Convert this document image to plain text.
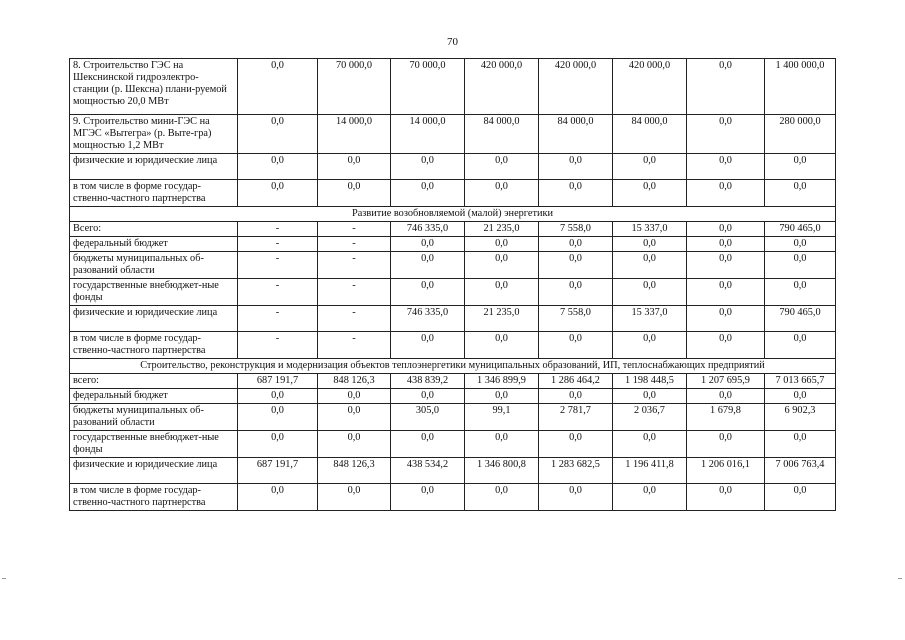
70
8. Строительство ГЭС на Шекснинской гидроэлектро-станции (р. Шексна) плани-руемой мощностью 20,0 МВт	0,0	70 000,0	70 000,0	420 000,0	420 000,0	420 000,0	0,0	1 400 000,0
9. Строительство мини-ГЭС на МГЭС «Вытегра» (р. Выте-гра) мощностью 1,2 МВт	0,0	14 000,0	14 000,0	84 000,0	84 000,0	84 000,0	0,0	280 000,0
физические и юридические лица	0,0	0,0	0,0	0,0	0,0	0,0	0,0	0,0
в том числе в форме государ-ственно-частного партнерства	0,0	0,0	0,0	0,0	0,0	0,0	0,0	0,0
Развитие возобновляемой (малой) энергетики								
Всего:	-	-	746 335,0	21 235,0	7 558,0	15 337,0	0,0	790 465,0
федеральный бюджет	-	-	0,0	0,0	0,0	0,0	0,0	0,0
бюджеты муниципальных об-разований области	-	-	0,0	0,0	0,0	0,0	0,0	0,0
государственные внебюджет-ные фонды	-	-	0,0	0,0	0,0	0,0	0,0	0,0
физические и юридические лица	-	-	746 335,0	21 235,0	7 558,0	15 337,0	0,0	790 465,0
в том числе в форме государ-ственно-частного партнерства	-	-	0,0	0,0	0,0	0,0	0,0	0,0
Строительство, реконструкция и модернизация объектов теплоэнергетики муниципальных образований, ИП, теплоснабжающих предприятий								
всего:	687 191,7	848 126,3	438 839,2	1 346 899,9	1 286 464,2	1 198 448,5	1 207 695,9	7 013 665,7
федеральный бюджет	0,0	0,0	0,0	0,0	0,0	0,0	0,0	0,0
бюджеты муниципальных об-разований области	0,0	0,0	305,0	99,1	2 781,7	2 036,7	1 679,8	6 902,3
государственные внебюджет-ные фонды	0,0	0,0	0,0	0,0	0,0	0,0	0,0	0,0
физические и юридические лица	687 191,7	848 126,3	438 534,2	1 346 800,8	1 283 682,5	1 196 411,8	1 206 016,1	7 006 763,4
в том числе в форме государ-ственно-частного партнерства	0,0	0,0	0,0	0,0	0,0	0,0	0,0	0,0
